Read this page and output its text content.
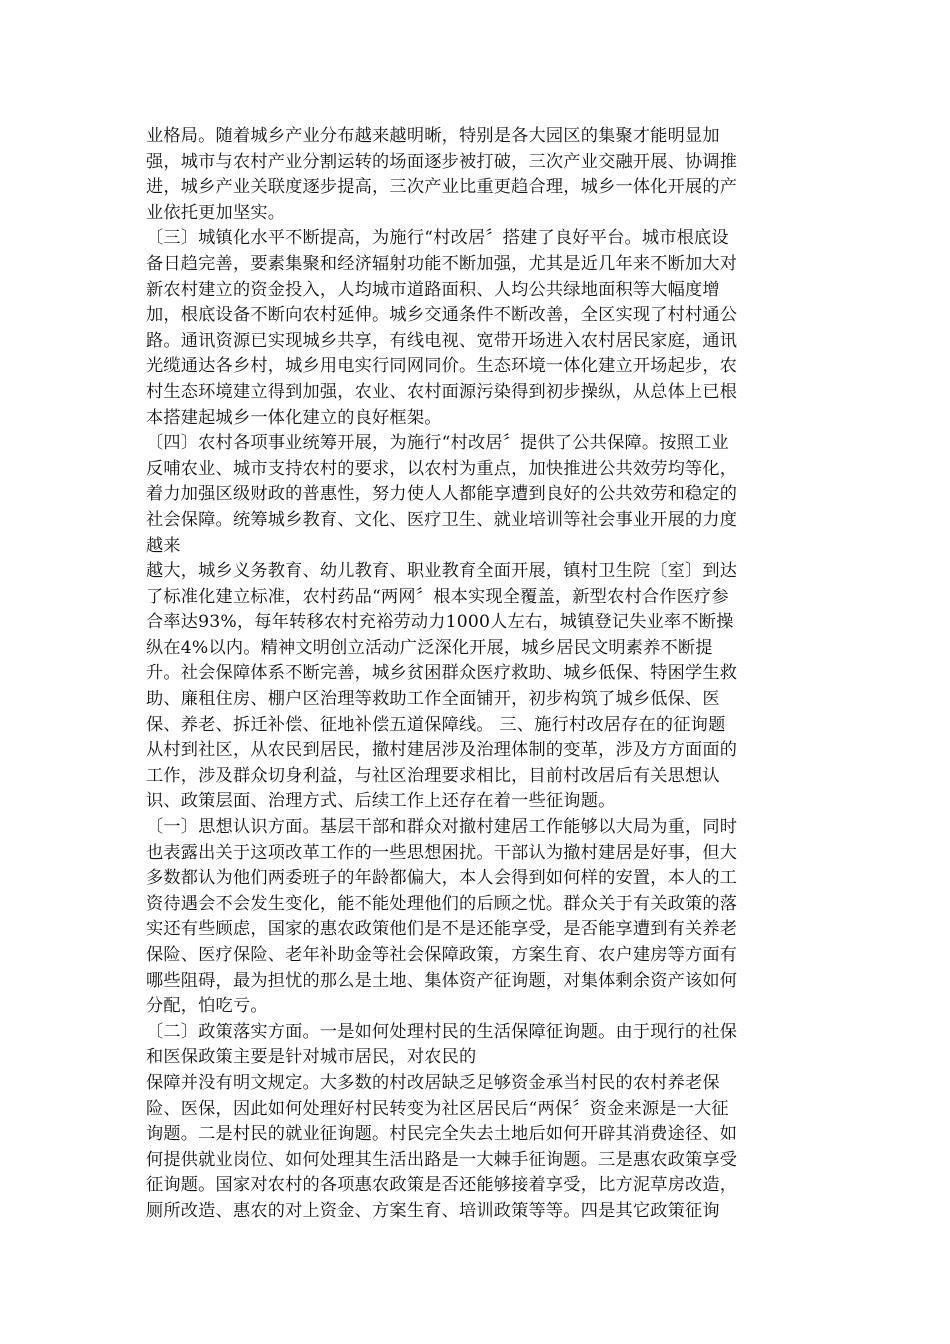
业格局。随着城乡产业分布越来越明晰，特别是各大园区的集聚才能明显加
强，城市与农村产业分割运转的场面逐步被打破，三次产业交融开展、协调推
进，城乡产业关联度逐步提高，三次产业比重更趋合理，城乡一体化开展的产
业依托更加坚实。
〔三〕城镇化水平不断提高，为施行“村改居〞搭建了良好平台。城市根底设
备日趋完善，要素集聚和经济辐射功能不断加强，尤其是近几年来不断加大对
新农村建立的资金投入，人均城市道路面积、人均公共绿地面积等大幅度增
加，根底设备不断向农村延伸。城乡交通条件不断改善，全区实现了村村通公
路。通讯资源已实现城乡共享，有线电视、宽带开场进入农村居民家庭，通讯
光缆通达各乡村，城乡用电实行同网同价。生态环境一体化建立开场起步，农
村生态环境建立得到加强，农业、农村面源污染得到初步操纵，从总体上已根
本搭建起城乡一体化建立的良好框架。
〔四〕农村各项事业统筹开展，为施行“村改居〞提供了公共保障。按照工业
反哺农业、城市支持农村的要求，以农村为重点，加快推进公共效劳均等化，
着力加强区级财政的普惠性，努力使人人都能享遭到良好的公共效劳和稳定的
社会保障。统筹城乡教育、文化、医疗卫生、就业培训等社会事业开展的力度
越来
越大，城乡义务教育、幼儿教育、职业教育全面开展，镇村卫生院〔室〕到达
了标准化建立标准，农村药品“两网〞根本实现全覆盖，新型农村合作医疗参
合率达93%，每年转移农村充裕劳动力1000人左右，城镇登记失业率不断操
纵在4%以内。精神文明创立活动广泛深化开展，城乡居民文明素养不断提
升。社会保障体系不断完善，城乡贫困群众医疗救助、城乡低保、特困学生救
助、廉租住房、棚户区治理等救助工作全面铺开，初步构筑了城乡低保、医
保、养老、拆迁补偿、征地补偿五道保障线。 三、施行村改居存在的征询题
从村到社区，从农民到居民，撤村建居涉及治理体制的变革，涉及方方面面的
工作，涉及群众切身利益，与社区治理要求相比，目前村改居后有关思想认
识、政策层面、治理方式、后续工作上还存在着一些征询题。
〔一〕思想认识方面。基层干部和群众对撤村建居工作能够以大局为重，同时
也表露出关于这项改革工作的一些思想困扰。干部认为撤村建居是好事，但大
多数都认为他们两委班子的年龄都偏大，本人会得到如何样的安置，本人的工
资待遇会不会发生变化，能不能处理他们的后顾之忧。群众关于有关政策的落
实还有些顾虑，国家的惠农政策他们是不是还能享受，是否能享遭到有关养老
保险、医疗保险、老年补助金等社会保障政策，方案生育、农户建房等方面有
哪些阻碍，最为担忧的那么是土地、集体资产征询题，对集体剩余资产该如何
分配，怕吃亏。
〔二〕政策落实方面。一是如何处理村民的生活保障征询题。由于现行的社保
和医保政策主要是针对城市居民，对农民的
保障并没有明文规定。大多数的村改居缺乏足够资金承当村民的农村养老保
险、医保，因此如何处理好村民转变为社区居民后“两保〞资金来源是一大征
询题。二是村民的就业征询题。村民完全失去土地后如何开辟其消费途径、如
何提供就业岗位、如何处理其生活出路是一大棘手征询题。三是惠农政策享受
征询题。国家对农村的各项惠农政策是否还能够接着享受，比方泥草房改造，
厕所改造、惠农的对上资金、方案生育、培训政策等等。四是其它政策征询
